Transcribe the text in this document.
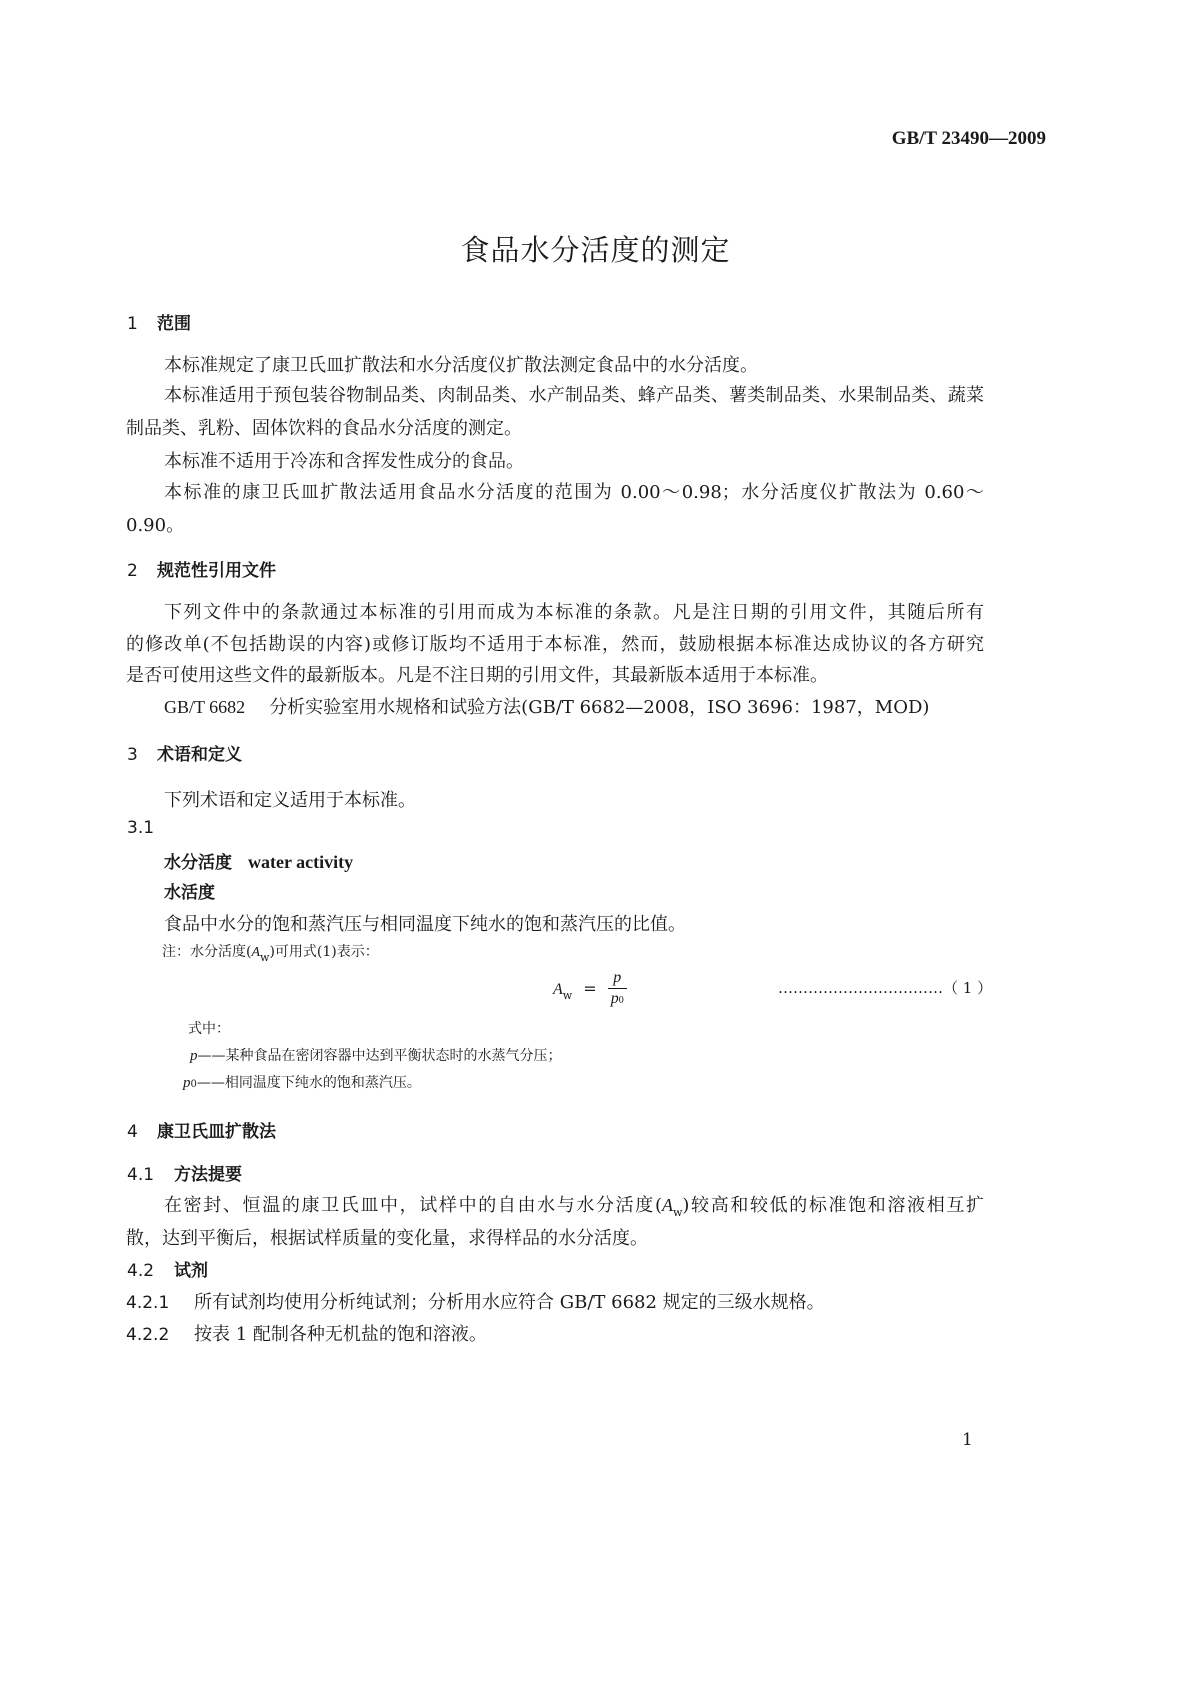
GB/T 23490—2009
食品水分活度的测定
1 范围
本标准规定了康卫氏皿扩散法和水分活度仪扩散法测定食品中的水分活度。
本标准适用于预包装谷物制品类、肉制品类、水产制品类、蜂产品类、薯类制品类、水果制品类、蔬菜
制品类、乳粉、固体饮料的食品水分活度的测定。
本标准不适用于冷冻和含挥发性成分的食品。
本标准的康卫氏皿扩散法适用食品水分活度的范围为 0.00～0.98；水分活度仪扩散法为 0.60～
0.90。
2 规范性引用文件
下列文件中的条款通过本标准的引用而成为本标准的条款。凡是注日期的引用文件，其随后所有
的修改单(不包括勘误的内容)或修订版均不适用于本标准，然而，鼓励根据本标准达成协议的各方研究
是否可使用这些文件的最新版本。凡是不注日期的引用文件，其最新版本适用于本标准。
GB/T 6682 分析实验室用水规格和试验方法(GB/T 6682—2008，ISO 3696：1987，MOD)
3 术语和定义
下列术语和定义适用于本标准。
3.1
水分活度 water activity
水活度
食品中水分的饱和蒸汽压与相同温度下纯水的饱和蒸汽压的比值。
注：水分活度$(A_w)$可用式(1)表示：
$A_w = \frac{p}{p0}$	……………………………（ 1 ）
式中：
p——某种食品在密闭容器中达到平衡状态时的水蒸气分压；
p0——相同温度下纯水的饱和蒸汽压。
4 康卫氏皿扩散法
4.1 方法提要
在密封、恒温的康卫氏皿中，试样中的自由水与水分活度$(A_w)$较高和较低的标准饱和溶液相互扩
散，达到平衡后，根据试样质量的变化量，求得样品的水分活度。
4.2 试剂
4.2.1 所有试剂均使用分析纯试剂；分析用水应符合 GB/T 6682 规定的三级水规格。
4.2.2 按表 1 配制各种无机盐的饱和溶液。
1
